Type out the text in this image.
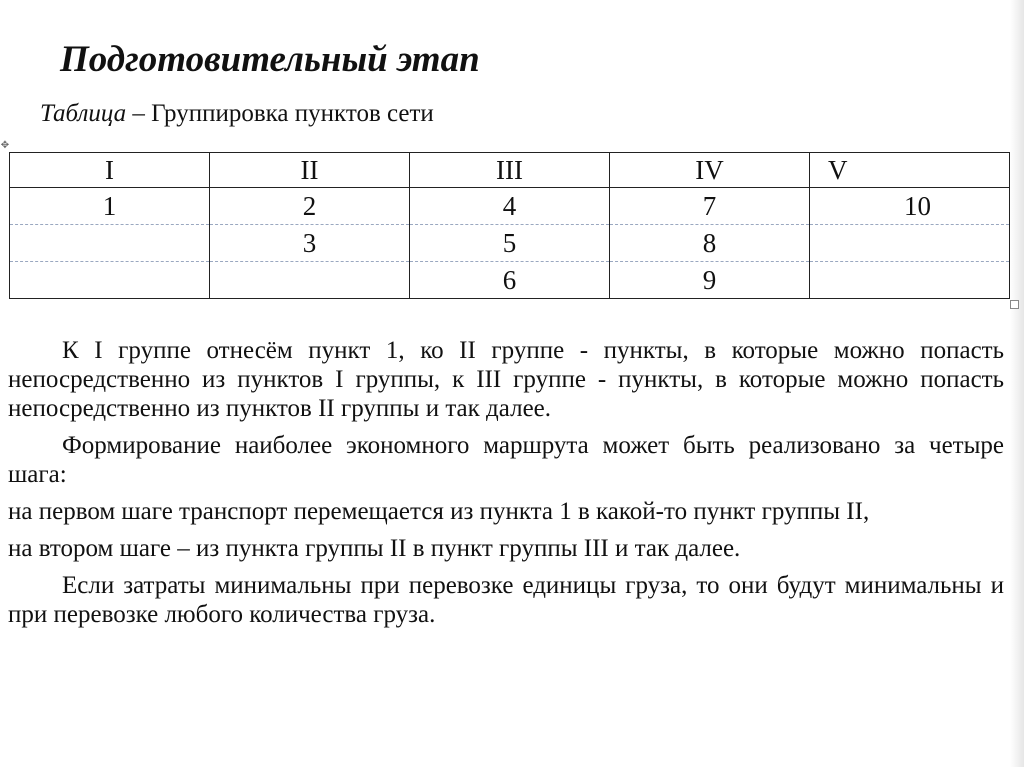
Подготовительный этап
Таблица – Группировка пунктов сети
✥
I	II	III	IV	V
1	2	4	7	10
	3	5	8	
		6	9	

К I группе отнесём пункт 1, ко II группе - пункты, в которые можно попасть непосредственно из пунктов I группы, к III группе - пункты, в которые можно попасть непосредственно из пунктов II группы и так далее.

Формирование наиболее экономного маршрута может быть реализовано за четыре шага:

на первом шаге транспорт перемещается из пункта 1 в какой-то пункт группы II,

на втором шаге – из пункта группы II в пункт группы III и так далее.

Если затраты минимальны при перевозке единицы груза, то они будут минимальны и при перевозке любого количества груза.
